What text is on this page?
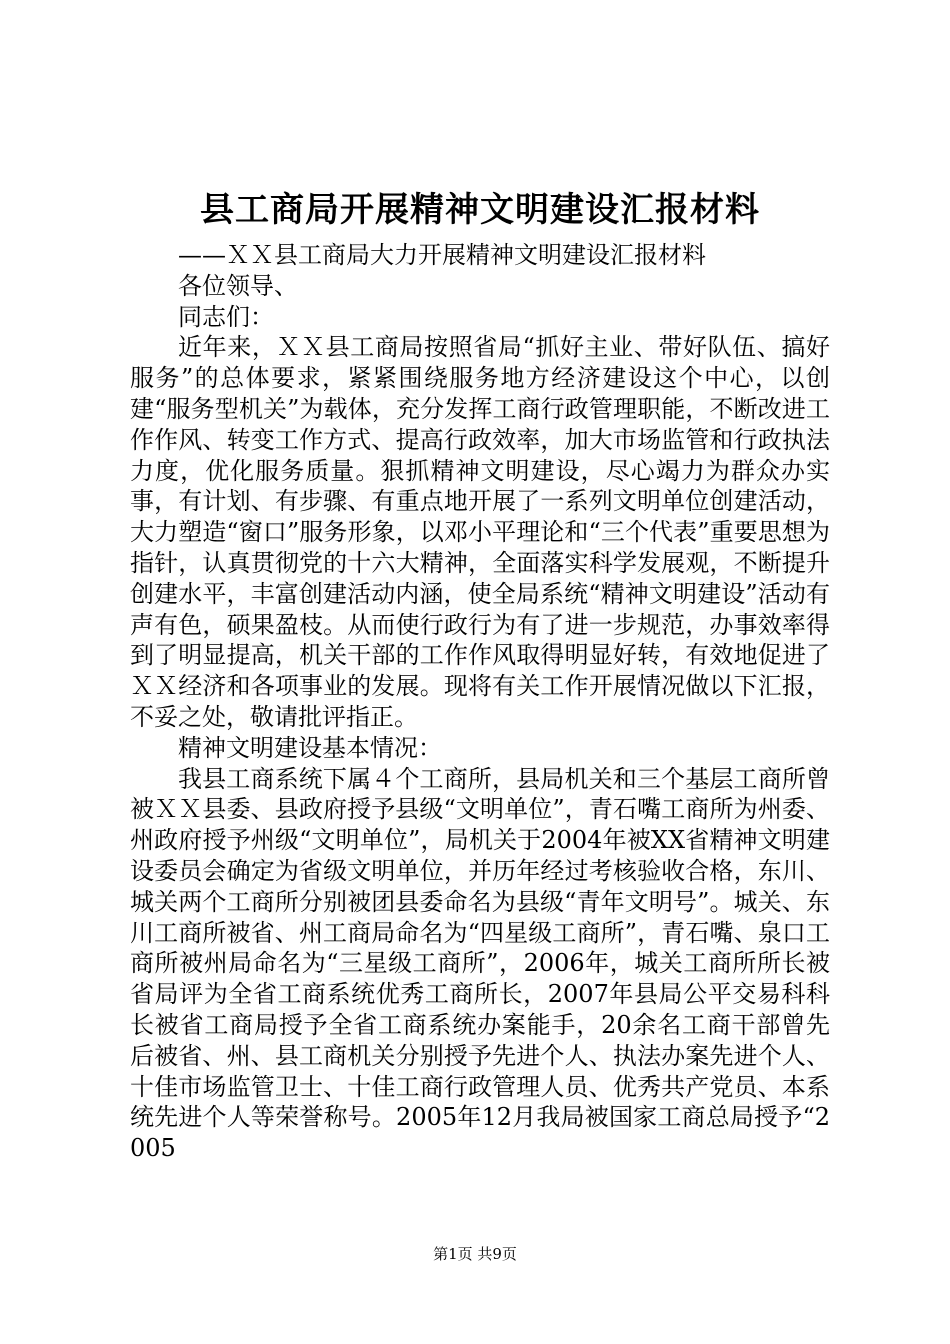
县工商局开展精神文明建设汇报材料

——ＸＸ县工商局大力开展精神文明建设汇报材料

各位领导、

同志们：

近年来，ＸＸ县工商局按照省局“抓好主业、带好队伍、搞好服务”的总体要求，紧紧围绕服务地方经济建设这个中心，以创建“服务型机关”为载体，充分发挥工商行政管理职能，不断改进工作作风、转变工作方式、提高行政效率，加大市场监管和行政执法力度，优化服务质量。狠抓精神文明建设，尽心竭力为群众办实事，有计划、有步骤、有重点地开展了一系列文明单位创建活动，大力塑造“窗口”服务形象，以邓小平理论和“三个代表”重要思想为指针，认真贯彻党的十六大精神，全面落实科学发展观，不断提升创建水平，丰富创建活动内涵，使全局系统“精神文明建设”活动有声有色，硕果盈枝。从而使行政行为有了进一步规范，办事效率得到了明显提高，机关干部的工作作风取得明显好转，有效地促进了ＸＸ经济和各项事业的发展。现将有关工作开展情况做以下汇报，不妥之处，敬请批评指正。

精神文明建设基本情况：

我县工商系统下属４个工商所，县局机关和三个基层工商所曾被ＸＸ县委、县政府授予县级“文明单位”，青石嘴工商所为州委、州政府授予州级“文明单位”，局机关于2004年被XX省精神文明建设委员会确定为省级文明单位，并历年经过考核验收合格，东川、城关两个工商所分别被团县委命名为县级“青年文明号”。城关、东川工商所被省、州工商局命名为“四星级工商所”，青石嘴、泉口工商所被州局命名为“三星级工商所”，2006年，城关工商所所长被省局评为全省工商系统优秀工商所长，2007年县局公平交易科科长被省工商局授予全省工商系统办案能手，20余名工商干部曾先后被省、州、县工商机关分别授予先进个人、执法办案先进个人、十佳市场监管卫士、十佳工商行政管理人员、优秀共产党员、本系统先进个人等荣誉称号。2005年12月我局被国家工商总局授予“2005

第1页 共9页
